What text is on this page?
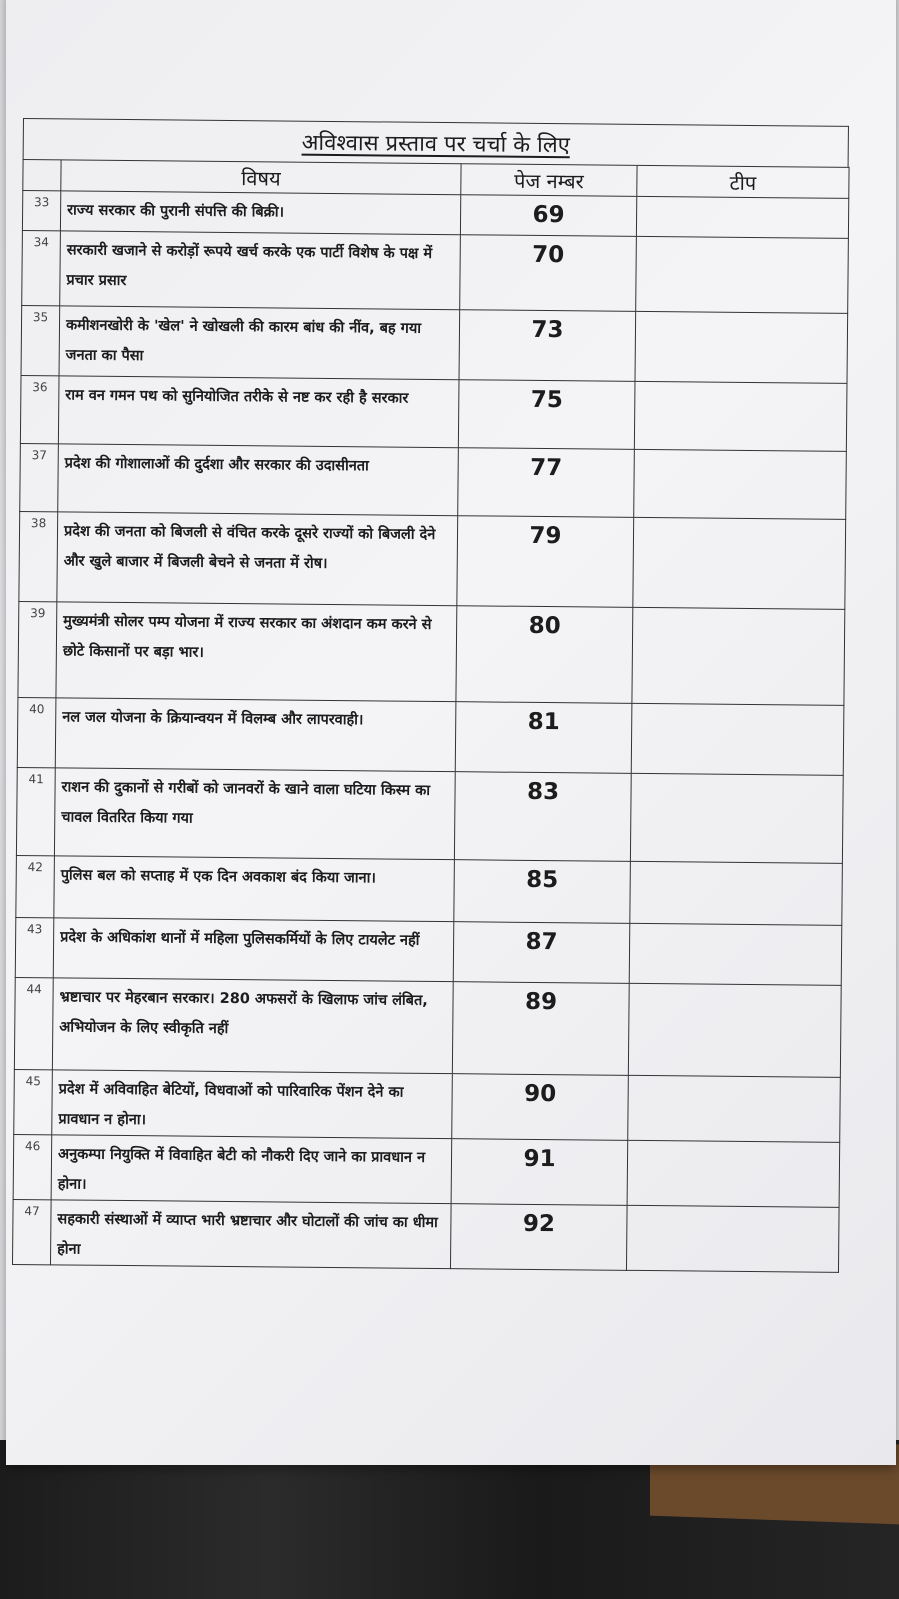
अविश्वास प्रस्ताव पर चर्चा के लिए
	विषय	पेज नम्बर	टीप
33	राज्य सरकार की पुरानी संपत्ति की बिक्री।	69	
34	सरकारी खजाने से करोड़ों रूपये खर्च करके एक पार्टी विशेष के पक्ष में प्रचार प्रसार	70	
35	कमीशनखोरी के 'खेल' ने खोखली की कारम बांध की नींव, बह गया जनता का पैसा	73	
36	राम वन गमन पथ को सुनियोजित तरीके से नष्ट कर रही है सरकार	75	
37	प्रदेश की गोशालाओं की दुर्दशा और सरकार की उदासीनता	77	
38	प्रदेश की जनता को बिजली से वंचित करके दूसरे राज्यों को बिजली देने और खुले बाजार में बिजली बेचने से जनता में रोष।	79	
39	मुख्यमंत्री सोलर पम्प योजना में राज्य सरकार का अंशदान कम करने से छोटे किसानों पर बड़ा भार।	80	
40	नल जल योजना के क्रियान्वयन में विलम्ब और लापरवाही।	81	
41	राशन की दुकानों से गरीबों को जानवरों के खाने वाला घटिया किस्म का चावल वितरित किया गया	83	
42	पुलिस बल को सप्ताह में एक दिन अवकाश बंद किया जाना।	85	
43	प्रदेश के अधिकांश थानों में महिला पुलिसकर्मियों के लिए टायलेट नहीं	87	
44	भ्रष्टाचार पर मेहरबान सरकार। 280 अफसरों के खिलाफ जांच लंबित, अभियोजन के लिए स्वीकृति नहीं	89	
45	प्रदेश में अविवाहित बेटियों, विधवाओं को पारिवारिक पेंशन देने का प्रावधान न होना।	90	
46	अनुकम्पा नियुक्ति में विवाहित बेटी को नौकरी दिए जाने का प्रावधान न होना।	91	
47	सहकारी संस्थाओं में व्याप्त भारी भ्रष्टाचार और घोटालों की जांच का धीमा होना	92	
